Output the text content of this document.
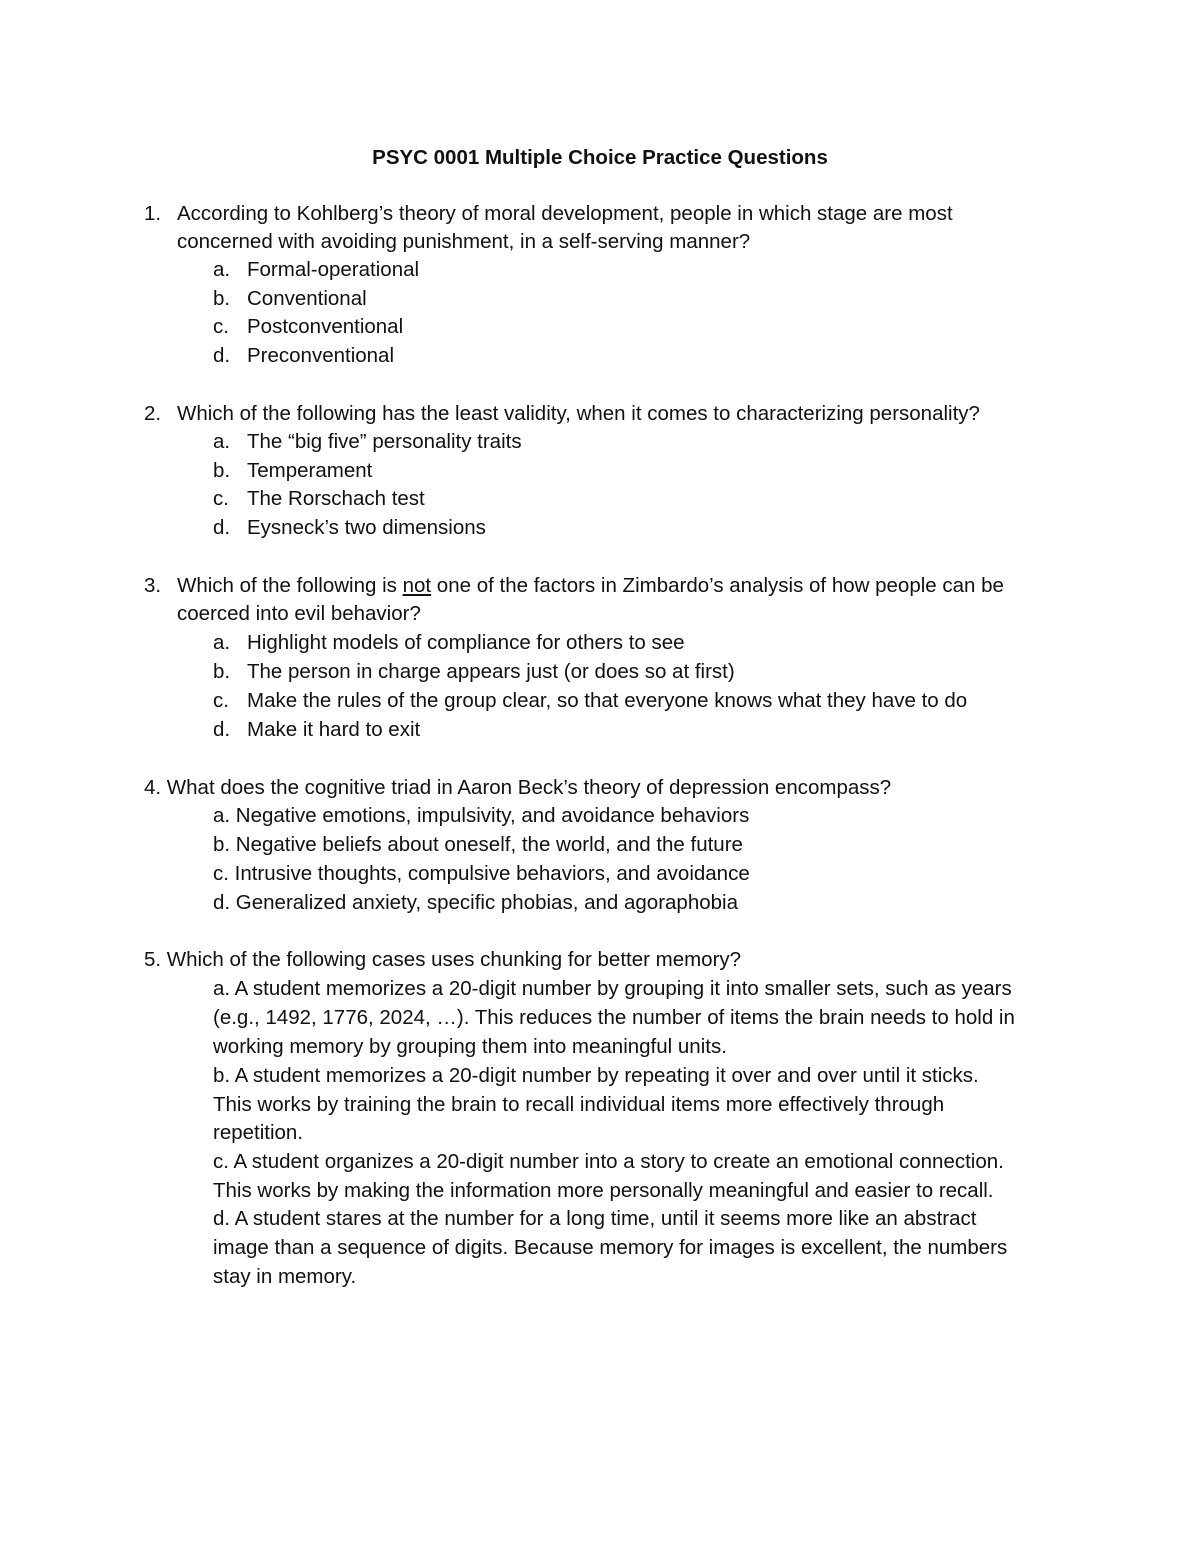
PSYC 0001 Multiple Choice Practice Questions
1. According to Kohlberg’s theory of moral development, people in which stage are most
concerned with avoiding punishment, in a self-serving manner?
a. Formal-operational
b. Conventional
c. Postconventional
d. Preconventional
2. Which of the following has the least validity, when it comes to characterizing personality?
a. The “big five” personality traits
b. Temperament
c. The Rorschach test
d. Eysneck’s two dimensions
3. Which of the following is not one of the factors in Zimbardo’s analysis of how people can be
coerced into evil behavior?
a. Highlight models of compliance for others to see
b. The person in charge appears just (or does so at first)
c. Make the rules of the group clear, so that everyone knows what they have to do
d. Make it hard to exit
4. What does the cognitive triad in Aaron Beck’s theory of depression encompass?
a. Negative emotions, impulsivity, and avoidance behaviors
b. Negative beliefs about oneself, the world, and the future
c. Intrusive thoughts, compulsive behaviors, and avoidance
d. Generalized anxiety, specific phobias, and agoraphobia
5. Which of the following cases uses chunking for better memory?
a. A student memorizes a 20-digit number by grouping it into smaller sets, such as years
(e.g., 1492, 1776, 2024, …). This reduces the number of items the brain needs to hold in
working memory by grouping them into meaningful units.
b. A student memorizes a 20-digit number by repeating it over and over until it sticks.
This works by training the brain to recall individual items more effectively through
repetition.
c. A student organizes a 20-digit number into a story to create an emotional connection.
This works by making the information more personally meaningful and easier to recall.
d. A student stares at the number for a long time, until it seems more like an abstract
image than a sequence of digits. Because memory for images is excellent, the numbers
stay in memory.
